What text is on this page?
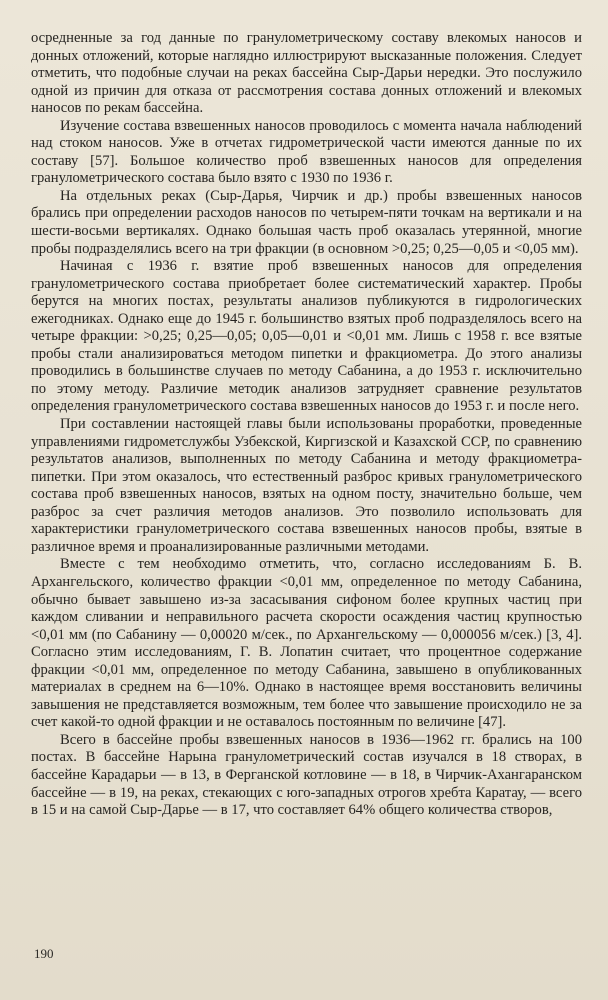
осредненные за год данные по гранулометрическому составу влекомых наносов и донных отложений, которые наглядно иллюстрируют высказанные положения. Следует отметить, что подобные случаи на реках бассейна Сыр-Дарьи нередки. Это послужило одной из причин для отказа от рассмотрения состава донных отложений и влекомых наносов по рекам бассейна.

Изучение состава взвешенных наносов проводилось с момента начала наблюдений над стоком наносов. Уже в отчетах гидрометрической части имеются данные по их составу [57]. Большое количество проб взвешенных наносов для определения гранулометрического состава было взято с 1930 по 1936 г.

На отдельных реках (Сыр-Дарья, Чирчик и др.) пробы взвешенных наносов брались при определении расходов наносов по четырем-пяти точкам на вертикали и на шести-восьми вертикалях. Однако большая часть проб оказалась утерянной, многие пробы подразделялись всего на три фракции (в основном >0,25; 0,25—0,05 и <0,05 мм).

Начиная с 1936 г. взятие проб взвешенных наносов для определения гранулометрического состава приобретает более систематический характер. Пробы берутся на многих постах, результаты анализов публикуются в гидрологических ежегодниках. Однако еще до 1945 г. большинство взятых проб подразделялось всего на четыре фракции: >0,25; 0,25—0,05; 0,05—0,01 и <0,01 мм. Лишь с 1958 г. все взятые пробы стали анализироваться методом пипетки и фракциометра. До этого анализы проводились в большинстве случаев по методу Сабанина, а до 1953 г. исключительно по этому методу. Различие методик анализов затрудняет сравнение результатов определения гранулометрического состава взвешенных наносов до 1953 г. и после него.

При составлении настоящей главы были использованы проработки, проведенные управлениями гидрометслужбы Узбекской, Киргизской и Казахской ССР, по сравнению результатов анализов, выполненных по методу Сабанина и методу фракциометра-пипетки. При этом оказалось, что естественный разброс кривых гранулометрического состава проб взвешенных наносов, взятых на одном посту, значительно больше, чем разброс за счет различия методов анализов. Это позволило использовать для характеристики гранулометрического состава взвешенных наносов пробы, взятые в различное время и проанализированные различными методами.

Вместе с тем необходимо отметить, что, согласно исследованиям Б. В. Архангельского, количество фракции <0,01 мм, определенное по методу Сабанина, обычно бывает завышено из-за засасывания сифоном более крупных частиц при каждом сливании и неправильного расчета скорости осаждения частиц крупностью <0,01 мм (по Сабанину — 0,00020 м/сек., по Архангельскому — 0,000056 м/сек.) [3, 4]. Согласно этим исследованиям, Г. В. Лопатин считает, что процентное содержание фракции <0,01 мм, определенное по методу Сабанина, завышено в опубликованных материалах в среднем на 6—10%. Однако в настоящее время восстановить величины завышения не представляется возможным, тем более что завышение происходило не за счет какой-то одной фракции и не оставалось постоянным по величине [47].

Всего в бассейне пробы взвешенных наносов в 1936—1962 гг. брались на 100 постах. В бассейне Нарына гранулометрический состав изучался в 18 створах, в бассейне Карадарьи — в 13, в Ферганской котловине — в 18, в Чирчик-Ахангаранском бассейне — в 19, на реках, стекающих с юго-западных отрогов хребта Каратау, — всего в 15 и на самой Сыр-Дарье — в 17, что составляет 64% общего количества створов,

190
